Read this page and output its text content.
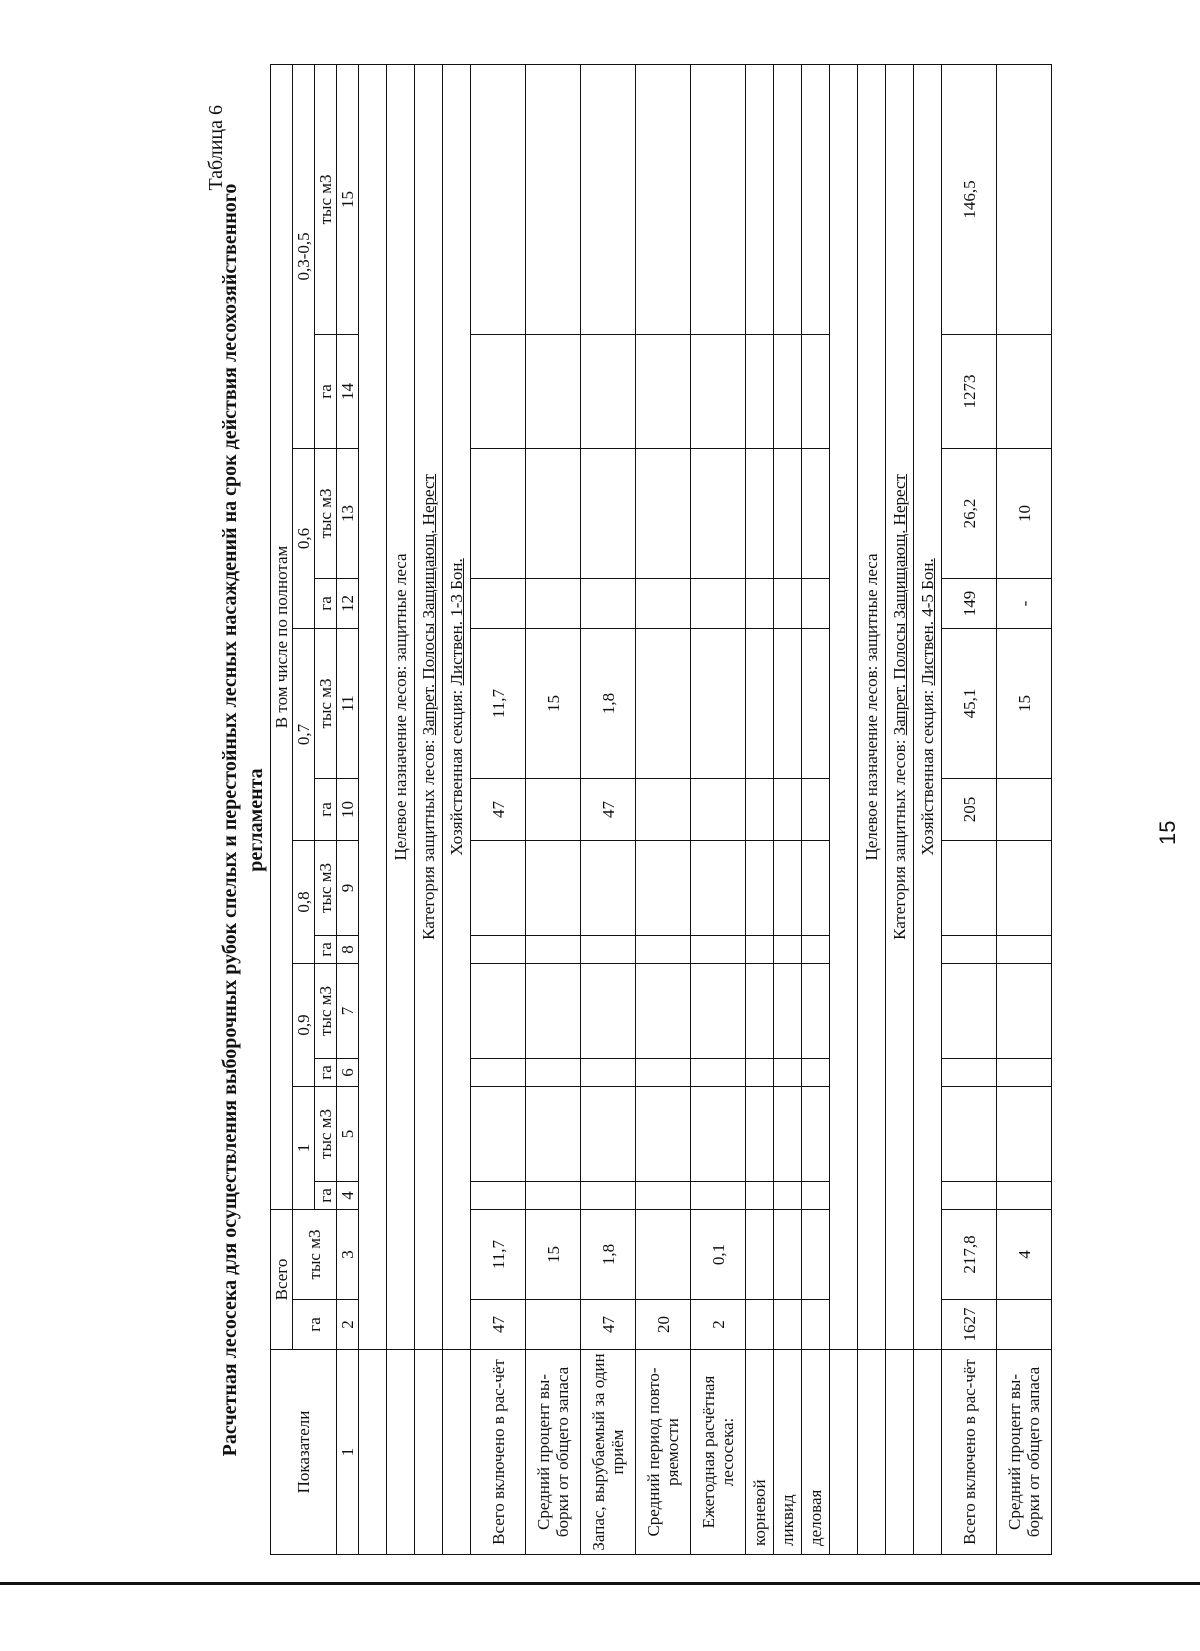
Таблица 6
Расчетная лесосека для осуществления выборочных рубок спелых и перестойных лесных насаждений на срок действия лесохозяйственного регламента
Показатели	Всего		В том числе по полнотам											
	га	тыс м3	1		0,9		0,8		0,7		0,6		0,3-0,5	
			га	тыс м3	га	тыс м3	га	тыс м3	га	тыс м3	га	тыс м3	га	тыс м3
1	2	3	4	5	6	7	8	9	10	11	12	13	14	15

	Целевое назначение лесов: защитные леса													
	Категория защитных лесов: Запрет. Полосы Защищающ. Нерест													
	Хозяйственная секция: Листвен. 1-3 Бон.													
Всего включено в рас-чёт	47	11,7							47	11,7				
Средний процент вы-борки от общего запаса		15								15				
Запас, вырубаемый за один приём	47	1,8							47	1,8				
Средний период повто-ряемости	20													
Ежегодная расчётная лесосека:	2	0,1												
корневой														
ликвид														
деловая														

	Целевое назначение лесов: защитные леса													
	Категория защитных лесов: Запрет. Полосы Защищающ. Нерест													
	Хозяйственная секция: Листвен. 4-5 Бон.													
Всего включено в рас-чёт	1627	217,8							205	45,1	149	26,2	1273	146,5
Средний процент вы-борки от общего запаса		4								15	-	10		
15
